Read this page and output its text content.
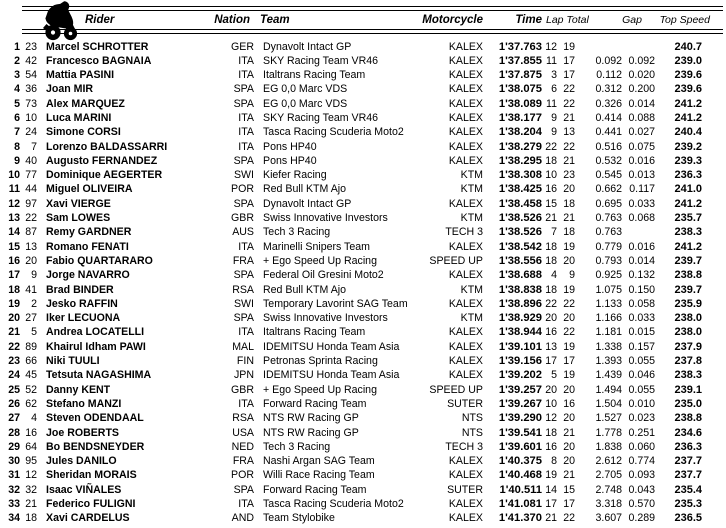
Rider	Nation Team	Motorcycle	Time Lap Total	Gap	Top Speed
1 23 Marcel SCHROTTER	GER Dynavolt Intact GP	KALEX	1'37.763 12 19	240.7
2 42 Francesco BAGNAIA	ITA SKY Racing Team VR46	KALEX	1'37.855 11 17	0.092 0.092	239.0
3 54 Mattia PASINI	ITA Italtrans Racing Team	KALEX	1'37.875 3 17	0.112 0.020	239.6
4 36 Joan MIR	SPA EG 0,0 Marc VDS	KALEX	1'38.075 6 22	0.312 0.200	239.6
5 73 Alex MARQUEZ	SPA EG 0,0 Marc VDS	KALEX	1'38.089 11 22	0.326 0.014	241.2
6 10 Luca MARINI	ITA SKY Racing Team VR46	KALEX	1'38.177 9 21	0.414 0.088	241.2
7 24 Simone CORSI	ITA Tasca Racing Scuderia Moto2	KALEX	1'38.204 9 13	0.441 0.027	240.4
8	7 Lorenzo BALDASSARRI	ITA Pons HP40	KALEX	1'38.279 22 22	0.516 0.075	239.2
9 40 Augusto FERNANDEZ	SPA Pons HP40	KALEX	1'38.295 18 21	0.532 0.016	239.3
10 77 Dominique AEGERTER	SWI Kiefer Racing	KTM	1'38.308 10 23	0.545 0.013	236.3
11 44 Miguel OLIVEIRA	POR Red Bull KTM Ajo	KTM	1'38.425 16 20	0.662 0.117	241.0
12 97 Xavi VIERGE	SPA Dynavolt Intact GP	KALEX	1'38.458 15 18	0.695 0.033	241.2
13 22 Sam LOWES	GBR Swiss Innovative Investors	KTM	1'38.526 21 21	0.763 0.068	235.7
14 87 Remy GARDNER	AUS Tech 3 Racing	TECH 3	1'38.526 7 18	0.763	238.3
15 13 Romano FENATI	ITA Marinelli Snipers Team	KALEX	1'38.542 18 19	0.779 0.016	241.2
16 20 Fabio QUARTARARO	FRA + Ego Speed Up Racing	SPEED UP	1'38.556 18 20	0.793 0.014	239.7
17	9 Jorge NAVARRO	SPA Federal Oil Gresini Moto2	KALEX	1'38.688 4	9	0.925 0.132	238.8
18 41 Brad BINDER	RSA Red Bull KTM Ajo	KTM	1'38.838 18 19	1.075 0.150	239.7
19	2 Jesko RAFFIN	SWI Temporary Lavorint SAG Team	KALEX	1'38.896 22 22	1.133 0.058	235.9
20 27 Iker LECUONA	SPA Swiss Innovative Investors	KTM	1'38.929 20 20	1.166 0.033	238.0
21	5 Andrea LOCATELLI	ITA Italtrans Racing Team	KALEX	1'38.944 16 22	1.181 0.015	238.0
22 89 Khairul Idham PAWI	MAL IDEMITSU Honda Team Asia	KALEX	1'39.101 13 19	1.338 0.157	237.9
23 66 Niki TUULI	FIN Petronas Sprinta Racing	KALEX	1'39.156 17 17	1.393 0.055	237.8
24 45 Tetsuta NAGASHIMA	JPN IDEMITSU Honda Team Asia	KALEX	1'39.202 5 19	1.439 0.046	238.3
25 52 Danny KENT	GBR + Ego Speed Up Racing	SPEED UP	1'39.257 20 20	1.494 0.055	239.1
26 62 Stefano MANZI	ITA Forward Racing Team	SUTER	1'39.267 10 16	1.504 0.010	235.0
27	4 Steven ODENDAAL	RSA NTS RW Racing GP	NTS	1'39.290 12 20	1.527 0.023	238.8
28 16 Joe ROBERTS	USA NTS RW Racing GP	NTS	1'39.541 18 21	1.778 0.251	234.6
29 64 Bo BENDSNEYDER	NED Tech 3 Racing	TECH 3	1'39.601 16 20	1.838 0.060	236.3
30 95 Jules DANILO	FRA Nashi Argan SAG Team	KALEX	1'40.375 8 20	2.612 0.774	237.7
31 12 Sheridan MORAIS	POR Willi Race Racing Team	KALEX	1'40.468 19 21	2.705 0.093	237.7
32 32 Isaac VIÑALES	SPA Forward Racing Team	SUTER	1'40.511 14 15	2.748 0.043	235.4
33 21 Federico FULIGNI	ITA Tasca Racing Scuderia Moto2	KALEX	1'41.081 17 17	3.318 0.570	235.3
34 18 Xavi CARDELUS	AND Team Stylobike	KALEX	1'41.370 21 22	3.607 0.289	236.5
